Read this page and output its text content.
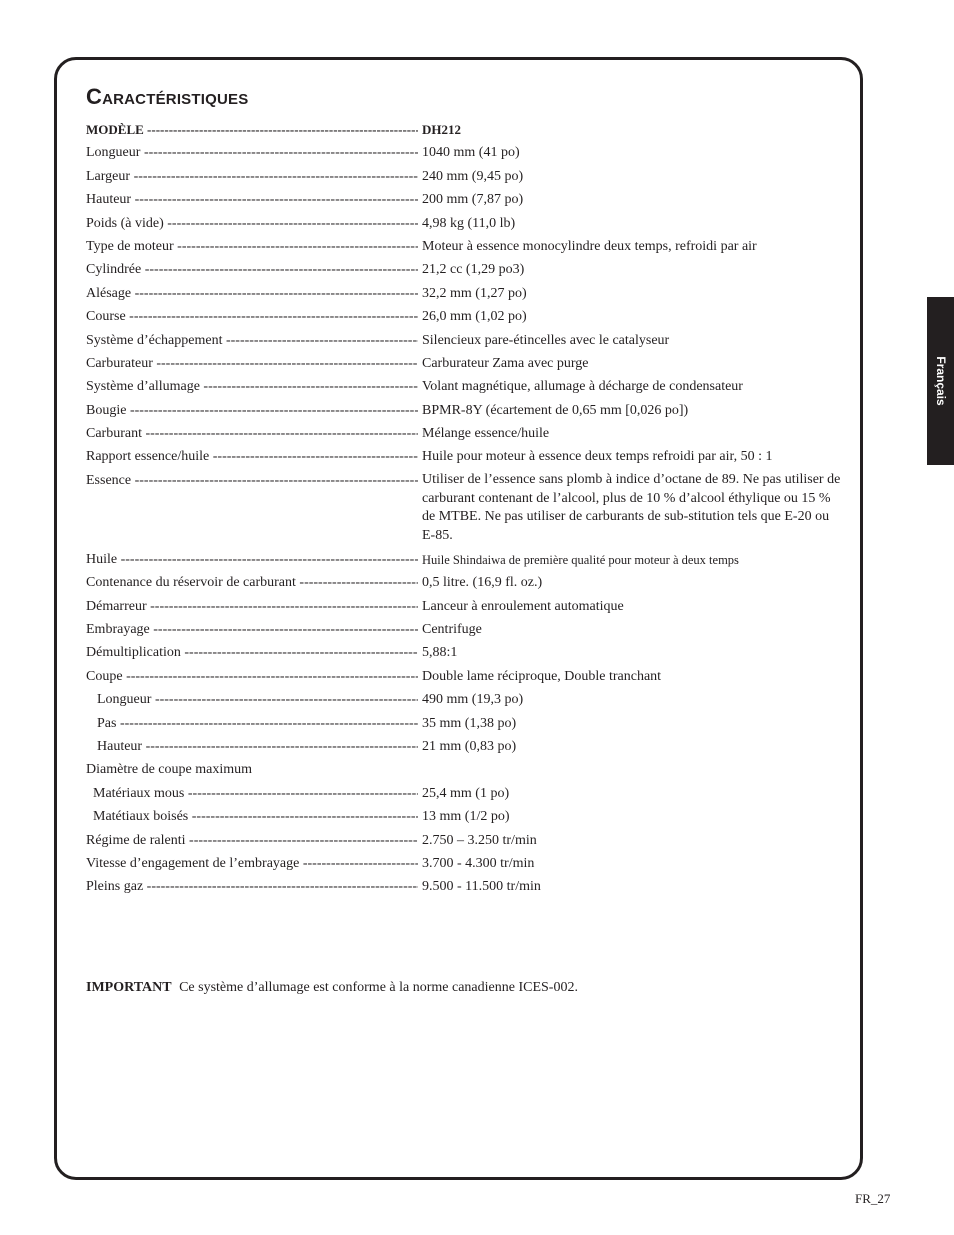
Caractéristiques
MODÈLE -----	DH212
Longueur -----	1040 mm (41 po)
Largeur -----	240 mm (9,45 po)
Hauteur -----	200 mm (7,87 po)
Poids (à vide) -----	4,98 kg (11,0 lb)
Type de moteur -----	Moteur à essence monocylindre deux temps, refroidi par air
Cylindrée -----	21,2 cc (1,29 po3)
Alésage -----	32,2 mm (1,27 po)
Course -----	26,0 mm (1,02 po)
Système d’échappement -----	Silencieux pare-étincelles avec le catalyseur
Carburateur -----	Carburateur Zama avec purge
Système d’allumage -----	Volant magnétique, allumage à décharge de condensateur
Bougie -----	BPMR-8Y (écartement de 0,65 mm [0,026 po])
Carburant -----	Mélange essence/huile
Rapport essence/huile -----	Huile pour moteur à essence deux temps refroidi par air, 50 : 1
Essence -----	Utiliser de l’essence sans plomb à indice d’octane de 89. Ne pas utiliser de carburant contenant de l’alcool, plus de 10 % d’alcool éthylique ou 15 % de MTBE. Ne pas utiliser de carburants de sub-stitution tels que E-20 ou E-85.
Huile -----	Huile Shindaiwa de première qualité pour moteur à deux temps
Contenance du réservoir de carburant -----	0,5 litre. (16,9 fl. oz.)
Démarreur -----	Lanceur à enroulement automatique
Embrayage -----	Centrifuge
Démultiplication -----	5,88:1
Coupe -----	Double lame réciproque, Double tranchant
Longueur -----	490 mm (19,3 po)
Pas -----	35 mm (1,38 po)
Hauteur -----	21 mm (0,83 po)
Diamètre de coupe maximum
Matériaux mous -----	25,4 mm (1 po)
Matétiaux boisés -----	13 mm (1/2 po)
Régime de ralenti -----	2.750 – 3.250 tr/min
Vitesse d’engagement de l’embrayage -----	3.700 - 4.300 tr/min
Pleins gaz -----	9.500 - 11.500 tr/min
IMPORTANT Ce système d’allumage est conforme à la norme canadienne ICES-002.
Français
FR_27
